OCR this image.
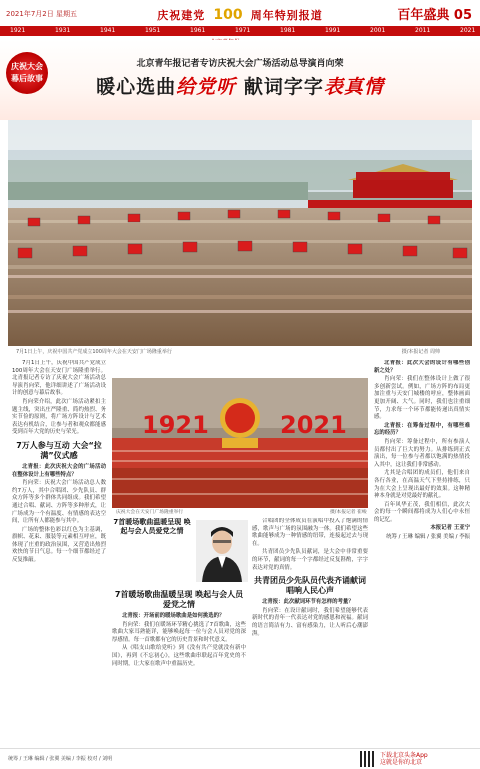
2021年7月2日 星期五	庆祝建党 100 周年特别报道	百年盛典 05
1921	1931	1941	1951	1961	1971	1981	1991	2001	2011	2021
庆祝大会
幕后故事
北京青年报记者专访庆祝大会广场活动总导演肖向荣
暖心选曲给党听 献词字字表真情
7月1日上午，庆祝中国共产党成立100周年大会在天安门广场隆重举行	摄/本报记者 周帅

7月1日上午，庆祝中国共产党成立100周年大会在天安门广场隆重举行。北青报记者专访了庆祝大会广场活动总导演肖向荣，他详细讲述了广场活动设计的创意与幕后故事。

肖向荣介绍，此次广场活动紧扣主题主线，突出庄严隆重、简约热烈、务实节俭的原则，将广场方阵设计与艺术表达有机结合，让参与者和观众都能感受到百年大党的历史与荣光。

7万人参与互动 大会“拉满”仪式感

北青报：此次庆祝大会的广场活动在整体设计上有哪些特点？

肖向荣：庆祝大会广场活动总人数约7万人，其中合唱团、少先队员、群众方阵等多个群体共同组成。我们希望通过合唱、献词、方阵等多种形式，让广场成为一个有温度、有情感的表达空间，让所有人都能参与其中。

广场的整体色彩以红色为主基调，旗帜、花束、服装等元素相互呼应，既体现了庄重的政治氛围，又营造出热烈欢快的节日气息。每一个细节都经过了反复推敲。

1921	2021
庆祝大会在天安门广场隆重举行	摄/本报记者 崔峻
7首暖场歌曲温暖呈现 唤起与会人员爱党之情
7首暖场歌曲温暖呈现 唤起与会人员爱党之情

北青报：开场前的暖场歌曲是如何挑选的？

肖向荣：我们在暖场环节精心挑选了7首歌曲，这些歌曲大家耳熟能详，能够唤起每一位与会人员对党的深厚感情。每一首歌都有它的历史背景和时代意义。

从《唱支山歌给党听》到《没有共产党就没有新中国》，再到《不忘初心》，这些歌曲串联起百年党史的不同时期，让大家在歌声中重温历史。

合唱团的全体成员在演唱中投入了饱满的情感，歌声与广场的氛围融为一体。我们希望这些歌曲能够成为一种情感的纽带，连接起过去与现在。

共青团员少先队员献词，是大会中非常重要的环节，献词的每一个字都经过反复斟酌，字字表达对党的真情。

共青团员少先队员代表齐诵献词唱响人民心声

北青报：此次献词环节有怎样的考量？

肖向荣：在设计献词时，我们希望能够代表新时代的青年一代表达对党的感恩和祝福。献词的语言简洁有力、富有感染力，让人听后心潮澎湃。

北青报：此次大会的设计有哪些创新之处？

肖向荣：我们在整体设计上做了很多创新尝试。例如，广场方阵的布局更加注重与天安门城楼的呼应，整体画面更加开阔、大气。同时，我们也注重细节，力求每一个环节都能传递出真情实感。

北青报：在筹备过程中，有哪些难忘的经历？

肖向荣：筹备过程中，所有参演人员都付出了巨大的努力。从排练到正式演出，每一位参与者都以饱满的热情投入其中，这让我们非常感动。

尤其是合唱团的成员们，他们来自各行各业，在高温天气下坚持排练，只为在大会上呈现出最好的效果。这种精神本身就是对党最好的献礼。

百年风华正茂，我们相信，此次大会的每一个瞬间都将成为人们心中永恒的记忆。

本报记者 王亚宁

统筹 / 王琳 编辑 / 张翼 美编 / 李振

统筹 / 王琳 编辑 / 张翼 美编 / 李振 校对 / 刘明	下载北京头条App
这就是你的北京
